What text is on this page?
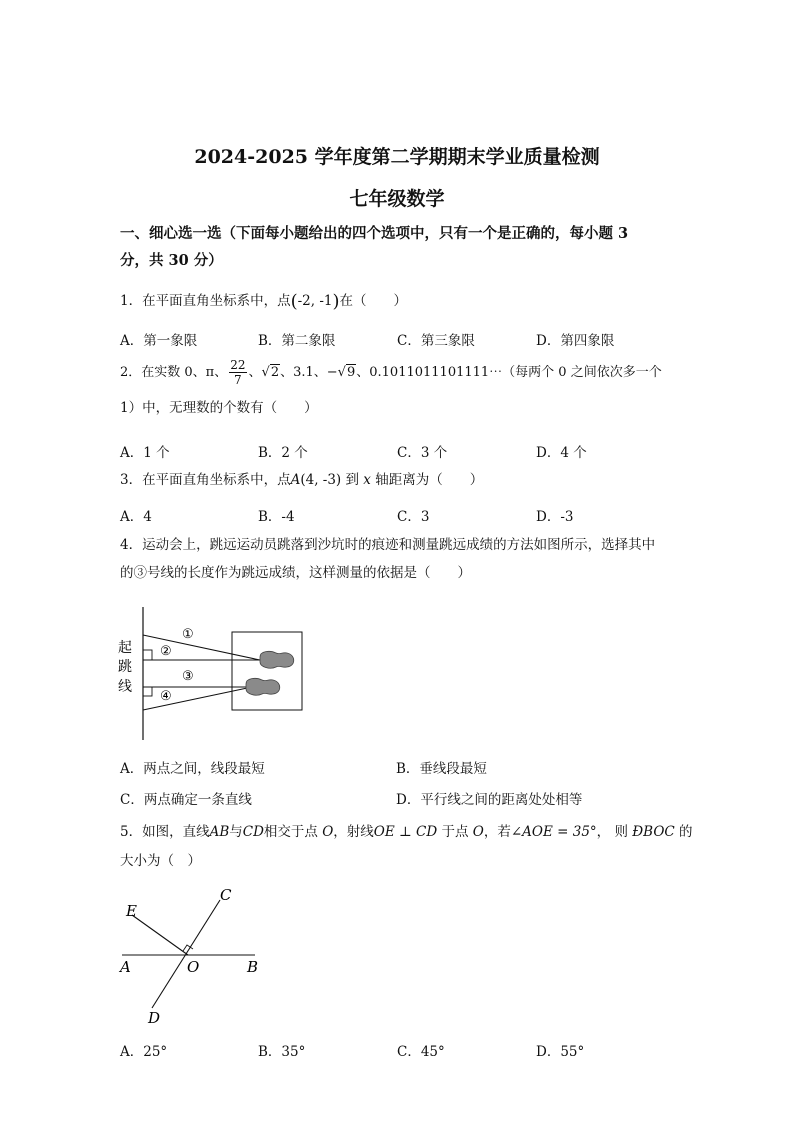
2024-2025 学年度第二学期期末学业质量检测
七年级数学
一、细心选一选（下面每小题给出的四个选项中，只有一个是正确的，每小题 3
分，共 30 分）
1．在平面直角坐标系中，点(-2, -1)在（　　）
A．第一象限	B．第二象限	C．第三象限	D．第四象限
2．在实数 0、π、 $\frac{22}{7}$ 、√2、3.1、−√9、0.1011011101111⋯（每两个 0 之间依次多一个
1）中，无理数的个数有（　　）
A．1 个	B．2 个	C．3 个	D．4 个
3．在平面直角坐标系中，点A(4, -3) 到 x 轴距离为（　　）
A．4	B．-4	C．3	D．-3
4．运动会上，跳远运动员跳落到沙坑时的痕迹和测量跳远成绩的方法如图所示，选择其中
的③号线的长度作为跳远成绩，这样测量的依据是（　　）
起
跳
线
①
②
③
④
A．两点之间，线段最短	B．垂线段最短
C．两点确定一条直线	D．平行线之间的距离处处相等
5．如图，直线AB与CD相交于点 O，射线OE ⊥ CD 于点 O，若∠AOE = 35°， 则 ÐBOC 的
大小为（　）
C
E
A	O	B
D
A．25°	B．35°	C．45°	D．55°
